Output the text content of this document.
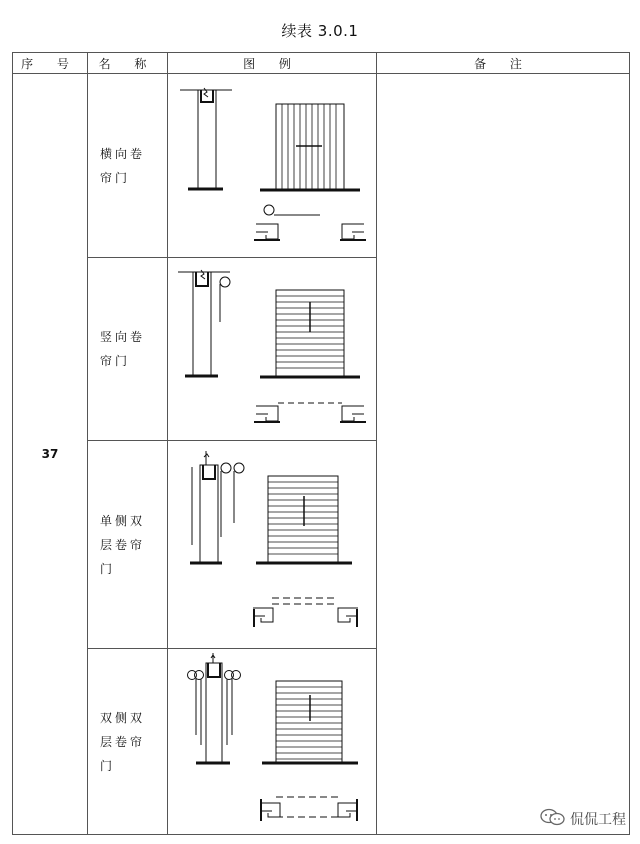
续表 3.0.1
序 号	名 称	图 例	备 注
37	横向卷帘门	

	竖向卷帘门	

	单侧双层卷帘门	

	双侧双层卷帘门	
侃侃工程
